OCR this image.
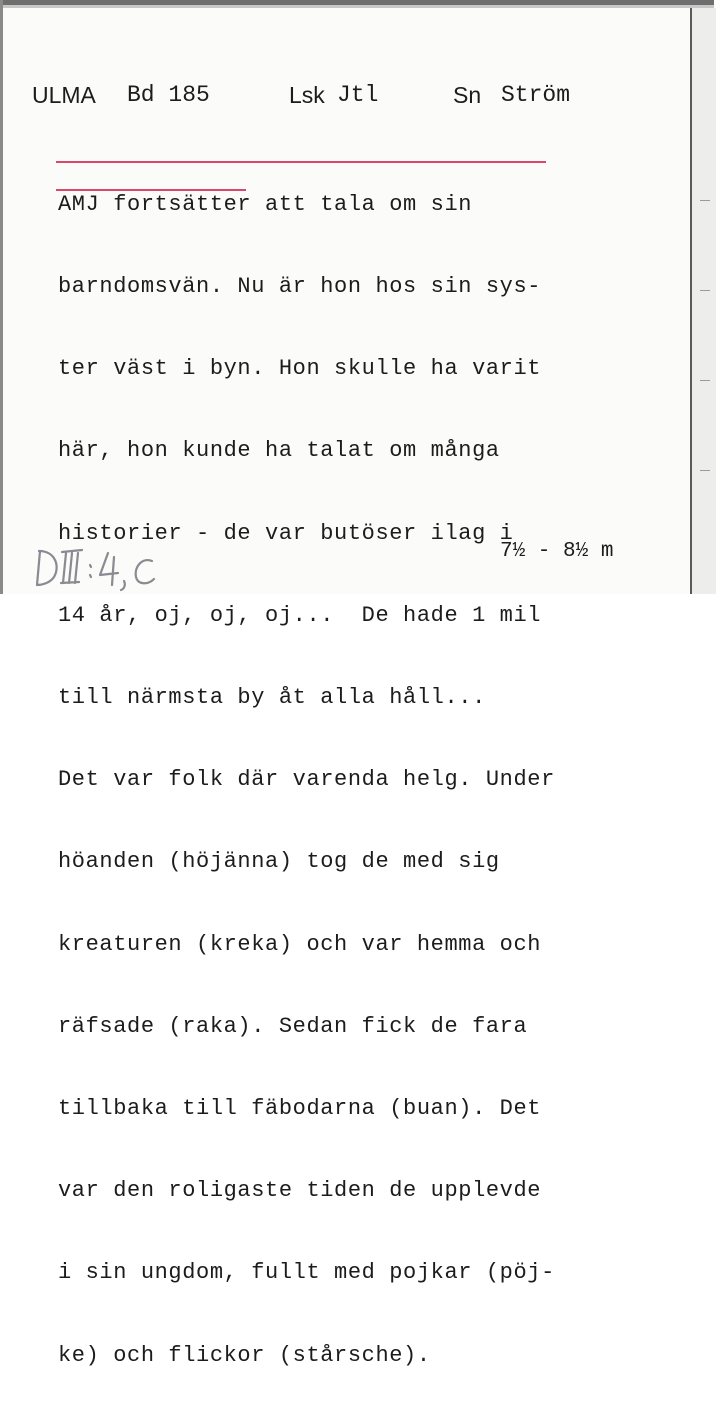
ULMA Bd 185	Lsk Jtl	Sn Ström

AMJ fortsätter att tala om sin

barndomsvän. Nu är hon hos sin sys-

ter väst i byn. Hon skulle ha varit

här, hon kunde ha talat om många

historier - de var butöser ilag i

14 år, oj, oj, oj...  De hade 1 mil

till närmsta by åt alla håll...

Det var folk där varenda helg. Under

höanden (höjänna) tog de med sig

kreaturen (kreka) och var hemma och

räfsade (raka). Sedan fick de fara

tillbaka till fäbodarna (buan). Det

var den roligaste tiden de upplevde

i sin ungdom, fullt med pojkar (pöj-

ke) och flickor (stårsche).

7½ - 8½ m
